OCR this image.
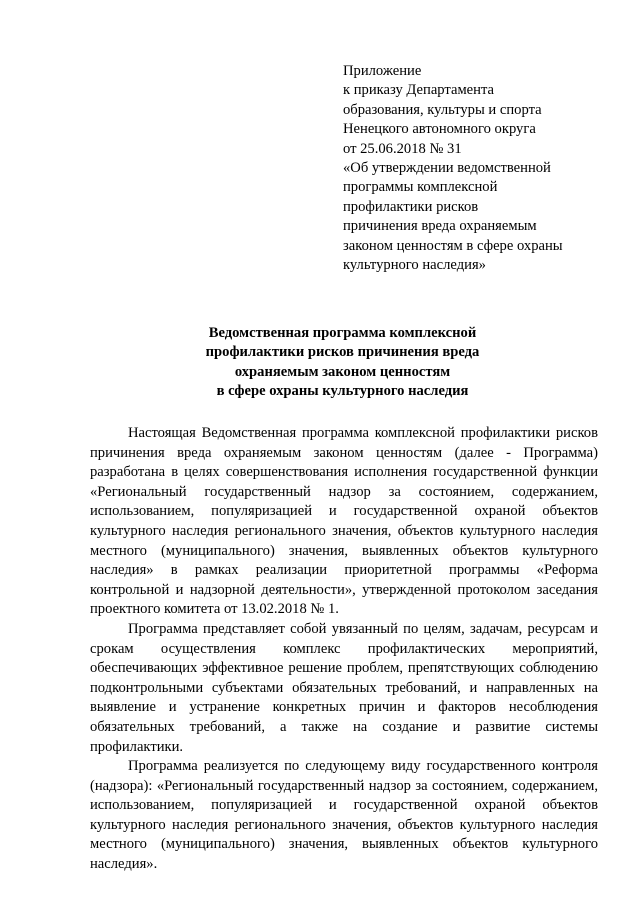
Приложение
к приказу Департамента
образования, культуры и спорта
Ненецкого автономного округа
от 25.06.2018 № 31
«Об утверждении ведомственной
программы комплексной
профилактики рисков
причинения вреда охраняемым
законом ценностям в сфере охраны
культурного наследия»
Ведомственная программа комплексной
профилактики рисков причинения вреда
охраняемым законом ценностям
в сфере охраны культурного наследия

Настоящая Ведомственная программа комплексной профилактики рисков причинения вреда охраняемым законом ценностям (далее - Программа) разработана в целях совершенствования исполнения государственной функции «Региональный государственный надзор за состоянием, содержанием, использованием, популяризацией и государственной охраной объектов культурного наследия регионального значения, объектов культурного наследия местного (муниципального) значения, выявленных объектов культурного наследия» в рамках реализации приоритетной программы «Реформа контрольной и надзорной деятельности», утвержденной протоколом заседания проектного комитета от 13.02.2018 № 1.

Программа представляет собой увязанный по целям, задачам, ресурсам и срокам осуществления комплекс профилактических мероприятий, обеспечивающих эффективное решение проблем, препятствующих соблюдению подконтрольными субъектами обязательных требований, и направленных на выявление и устранение конкретных причин и факторов несоблюдения обязательных требований, а также на создание и развитие системы профилактики.

Программа реализуется по следующему виду государственного контроля (надзора): «Региональный государственный надзор за состоянием, содержанием, использованием, популяризацией и государственной охраной объектов культурного наследия регионального значения, объектов культурного наследия местного (муниципального) значения, выявленных объектов культурного наследия».
